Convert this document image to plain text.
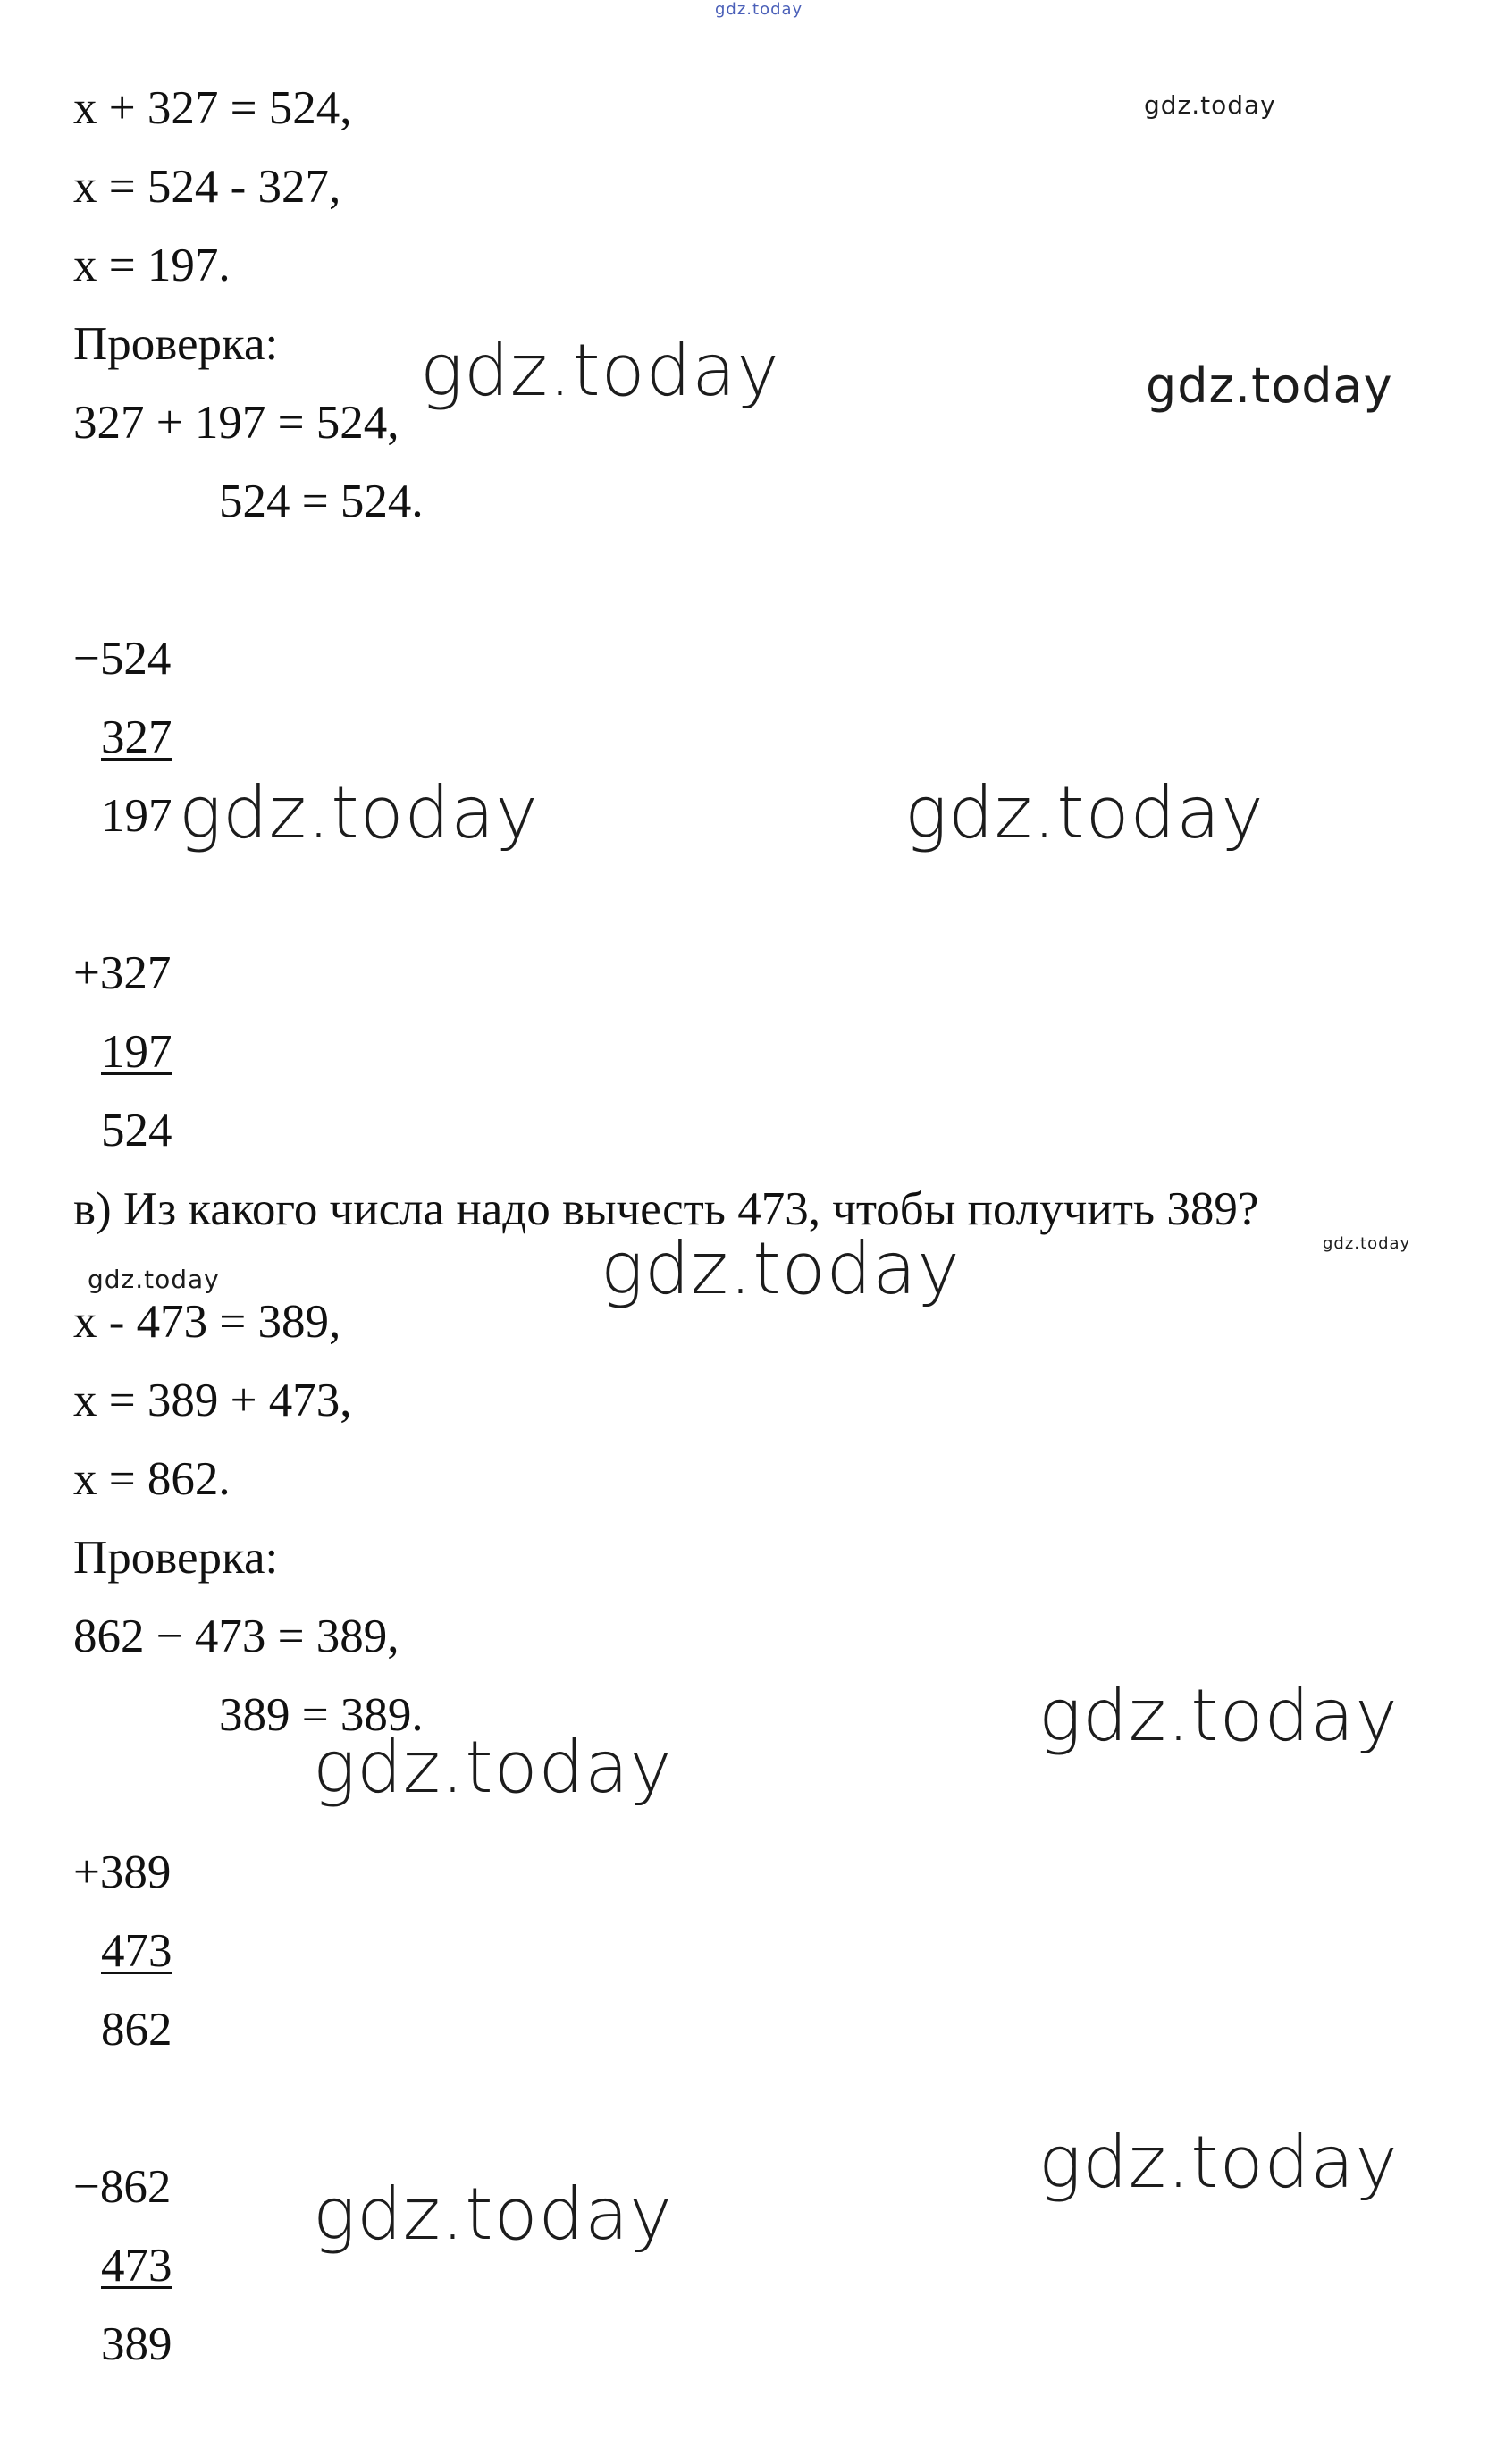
x + 327 = 524,
x = 524 - 327,
x = 197.
Проверка:
327 + 197 = 524,
524 = 524.
−524
327
197
+327
197
524
в) Из какого числа надо вычесть 473, чтобы получить 389?
x - 473 = 389,
x = 389 + 473,
x = 862.
Проверка:
862 − 473 = 389,
389 = 389.
+389
473
862
−862
473
389
gdz.today
gdz.today
gdz.today	gdz.today
gdz.today	gdz.today
gdz.today
gdz.today	gdz.today
gdz.today
gdz.today
gdz.today
gdz.today
